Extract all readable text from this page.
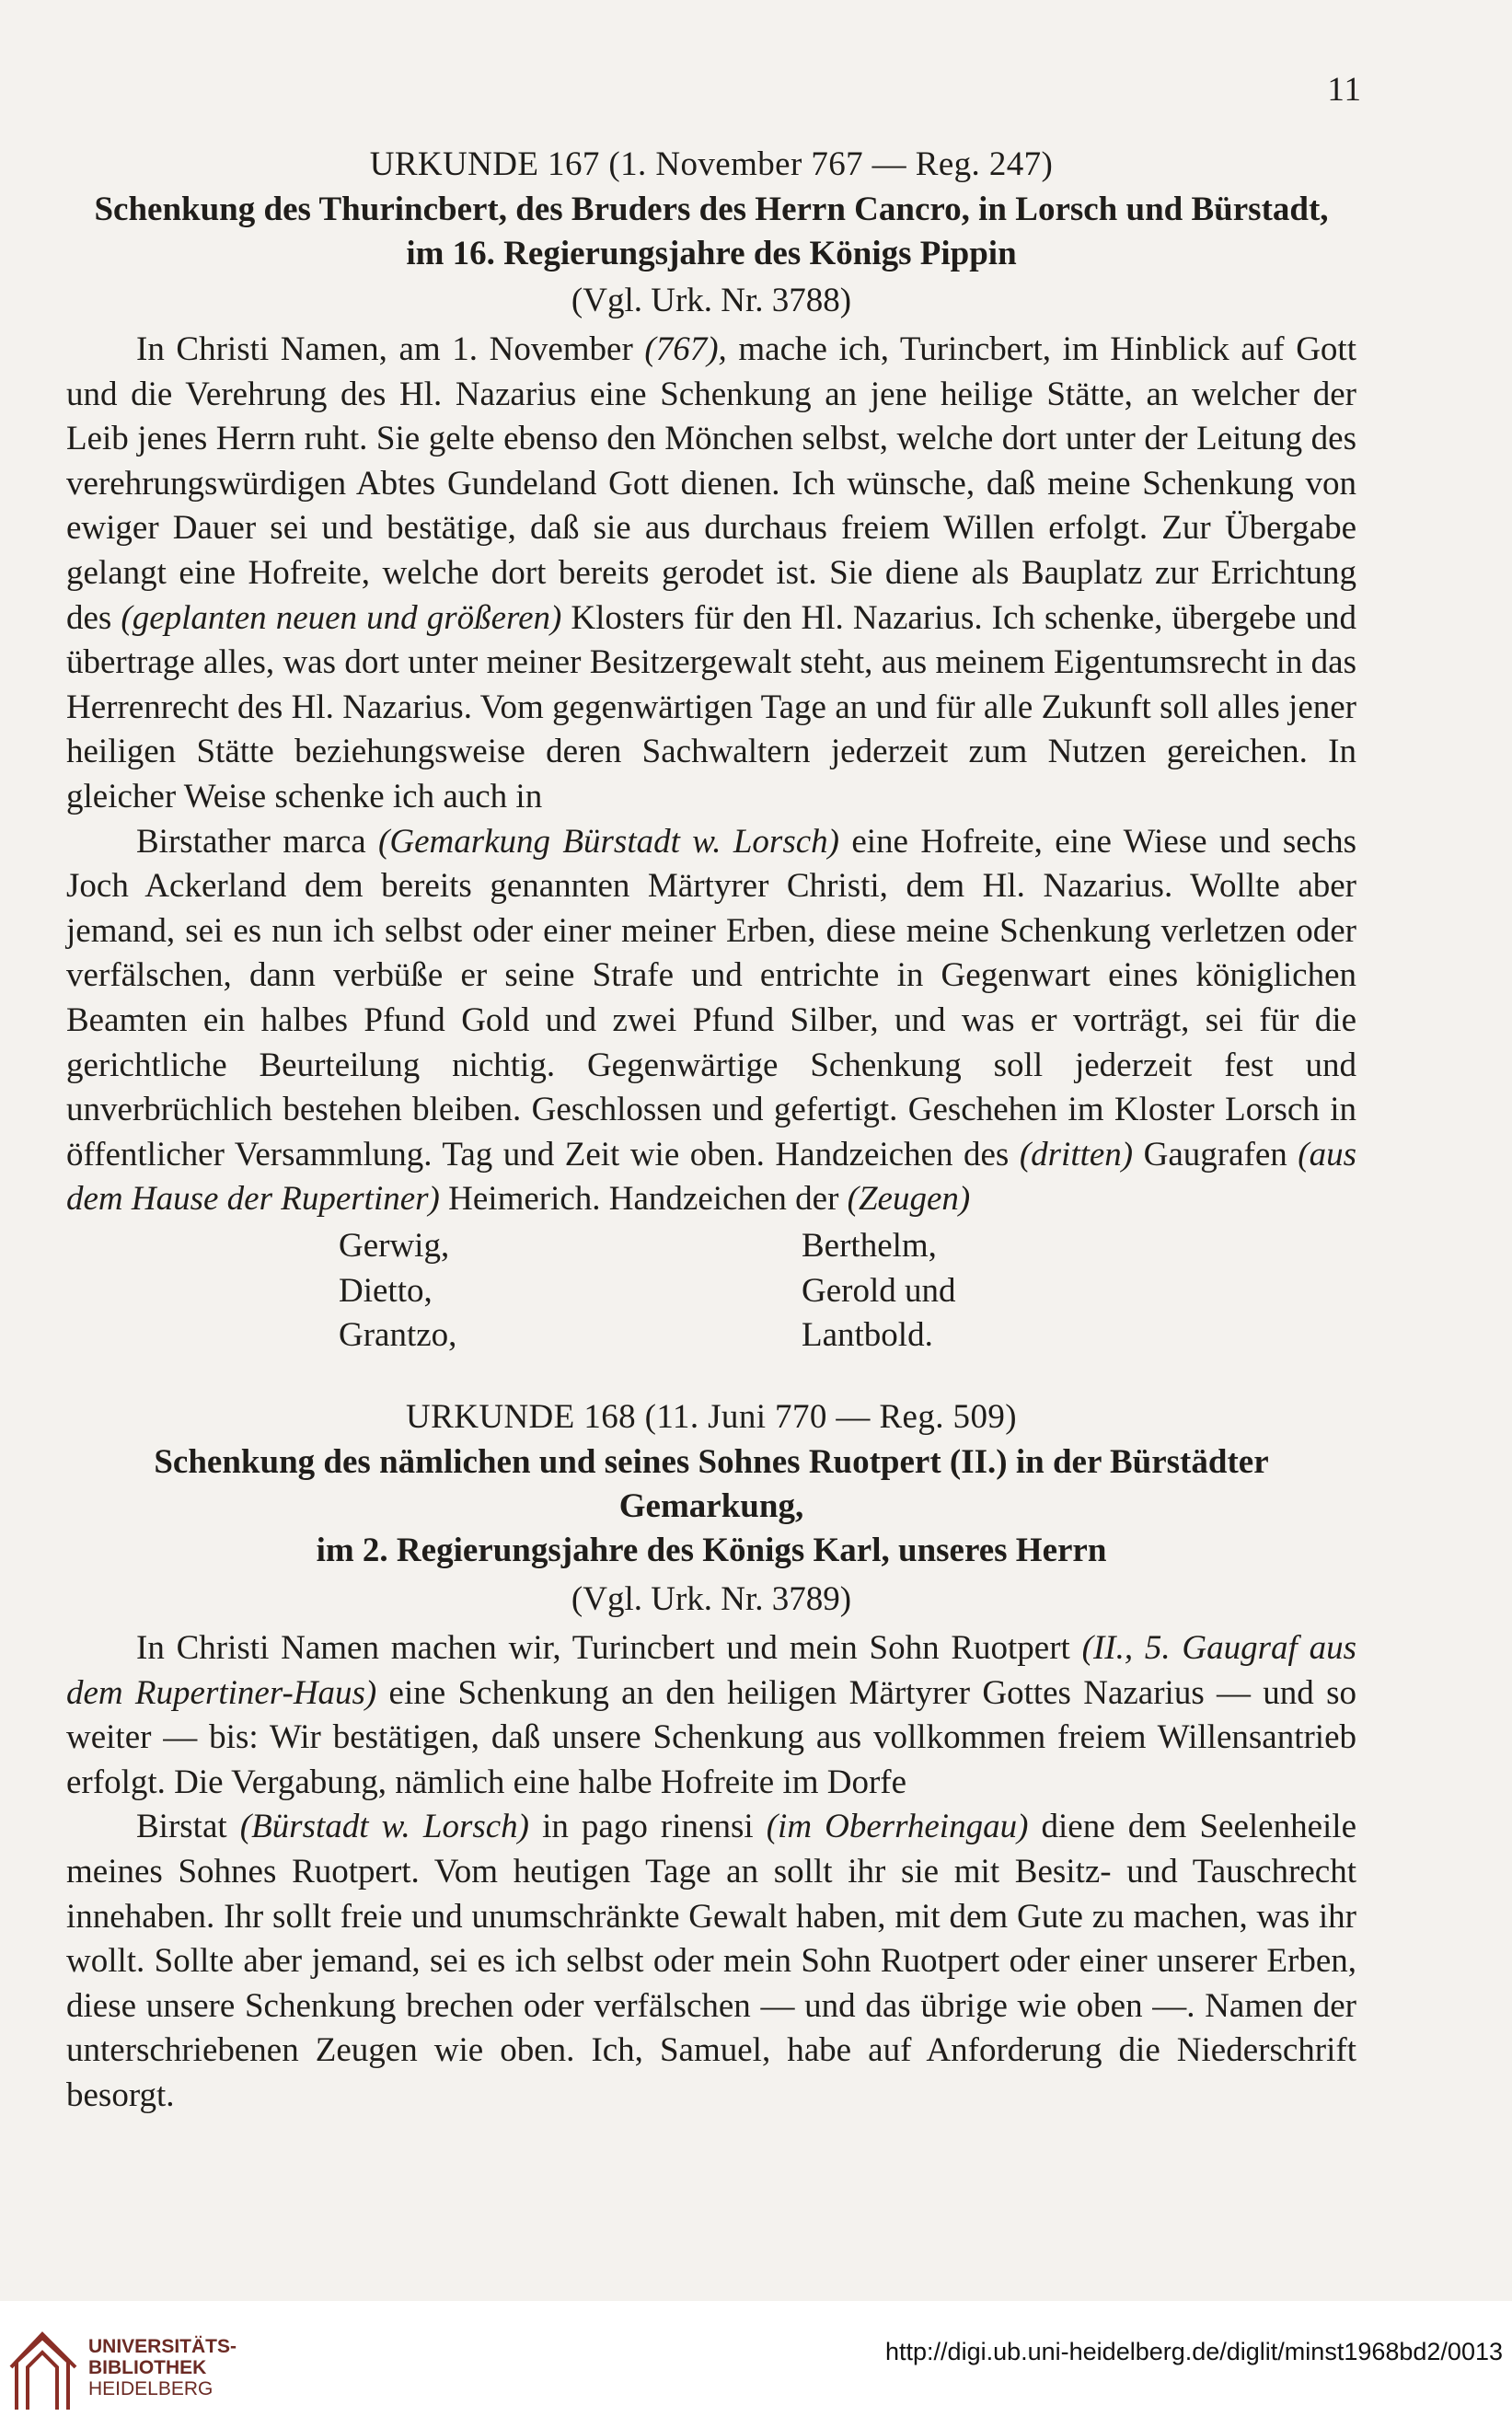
11
URKUNDE 167 (1. November 767 — Reg. 247)
Schenkung des Thurincbert, des Bruders des Herrn Cancro, in Lorsch und Bürstadt,
im 16. Regierungsjahre des Königs Pippin
(Vgl. Urk. Nr. 3788)

In Christi Namen, am 1. November (767), mache ich, Turincbert, im Hinblick auf Gott und die Verehrung des Hl. Nazarius eine Schenkung an jene heilige Stätte, an welcher der Leib jenes Herrn ruht. Sie gelte ebenso den Mönchen selbst, welche dort unter der Leitung des verehrungswürdigen Abtes Gundeland Gott dienen. Ich wünsche, daß meine Schenkung von ewiger Dauer sei und bestätige, daß sie aus durchaus freiem Willen erfolgt. Zur Übergabe gelangt eine Hofreite, welche dort bereits gerodet ist. Sie diene als Bauplatz zur Errichtung des (geplanten neuen und größeren) Klosters für den Hl. Nazarius. Ich schenke, übergebe und übertrage alles, was dort unter meiner Besitzergewalt steht, aus meinem Eigentumsrecht in das Herrenrecht des Hl. Nazarius. Vom gegenwärtigen Tage an und für alle Zukunft soll alles jener heiligen Stätte beziehungsweise deren Sachwaltern jederzeit zum Nutzen gereichen. In gleicher Weise schenke ich auch in

Birstather marca (Gemarkung Bürstadt w. Lorsch) eine Hofreite, eine Wiese und sechs Joch Ackerland dem bereits genannten Märtyrer Christi, dem Hl. Nazarius. Wollte aber jemand, sei es nun ich selbst oder einer meiner Erben, diese meine Schenkung verletzen oder verfälschen, dann verbüße er seine Strafe und entrichte in Gegenwart eines königlichen Beamten ein halbes Pfund Gold und zwei Pfund Silber, und was er vorträgt, sei für die gerichtliche Beurteilung nichtig. Gegenwärtige Schenkung soll jederzeit fest und unverbrüchlich bestehen bleiben. Geschlossen und gefertigt. Geschehen im Kloster Lorsch in öffentlicher Versammlung. Tag und Zeit wie oben. Handzeichen des (dritten) Gaugrafen (aus dem Hause der Rupertiner) Heimerich. Handzeichen der (Zeugen)

Gerwig,	Berthelm,
Dietto,	Gerold und
Grantzo,	Lantbold.
URKUNDE 168 (11. Juni 770 — Reg. 509)
Schenkung des nämlichen und seines Sohnes Ruotpert (II.) in der Bürstädter Gemarkung,
im 2. Regierungsjahre des Königs Karl, unseres Herrn
(Vgl. Urk. Nr. 3789)

In Christi Namen machen wir, Turincbert und mein Sohn Ruotpert (II., 5. Gaugraf aus dem Rupertiner-Haus) eine Schenkung an den heiligen Märtyrer Gottes Nazarius — und so weiter — bis: Wir bestätigen, daß unsere Schenkung aus vollkommen freiem Willensantrieb erfolgt. Die Vergabung, nämlich eine halbe Hofreite im Dorfe

Birstat (Bürstadt w. Lorsch) in pago rinensi (im Oberrheingau) diene dem Seelenheile meines Sohnes Ruotpert. Vom heutigen Tage an sollt ihr sie mit Besitz- und Tauschrecht innehaben. Ihr sollt freie und unumschränkte Gewalt haben, mit dem Gute zu machen, was ihr wollt. Sollte aber jemand, sei es ich selbst oder mein Sohn Ruotpert oder einer unserer Erben, diese unsere Schenkung brechen oder verfälschen — und das übrige wie oben —. Namen der unterschriebenen Zeugen wie oben. Ich, Samuel, habe auf Anforderung die Niederschrift besorgt.

UNIVERSITÄTS-
BIBLIOTHEK
HEIDELBERG
http://digi.ub.uni-heidelberg.de/diglit/minst1968bd2/0013
